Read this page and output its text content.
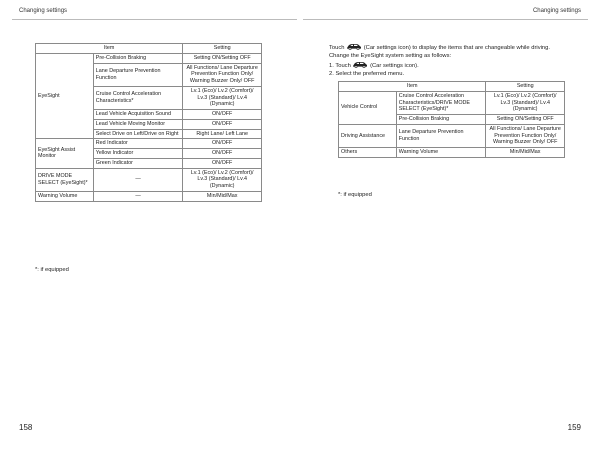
Changing settings
Item		Setting
EyeSight	Pre-Collision Braking	Setting ON/Setting OFF
	Lane Departure Prevention Function	All Functions/ Lane Departure Prevention Function Only/ Warning Buzzer Only/ OFF
	Cruise Control Acceleration Characteristics*	Lv.1 (Eco)/ Lv.2 (Comfort)/ Lv.3 (Standard)/ Lv.4 (Dynamic)
	Lead Vehicle Acquisition Sound	ON/OFF
	Lead Vehicle Moving Monitor	ON/OFF
	Select Drive on Left/Drive on Right	Right Lane/ Left Lane
EyeSight Assist Monitor	Red Indicator	ON/OFF
	Yellow Indicator	ON/OFF
	Green Indicator	ON/OFF
DRIVE MODE SELECT (EyeSight)*	—	Lv.1 (Eco)/ Lv.2 (Comfort)/ Lv.3 (Standard)/ Lv.4 (Dynamic)
Warning Volume	—	Min/Mid/Max
*: if equipped
158
Changing settings
Touch	(Car settings icon) to display the items that are changeable while driving.
Change the EyeSight system setting as follows:
1. Touch	(Car settings icon).
2. Select the preferred menu.
Item		Setting
Vehicle Control	Cruise Control Acceleration Characteristics/DRIVE MODE SELECT (EyeSight)*	Lv.1 (Eco)/ Lv.2 (Comfort)/ Lv.3 (Standard)/ Lv.4 (Dynamic)
	Pre-Collision Braking	Setting ON/Setting OFF
Driving Assistance	Lane Departure Prevention Function	All Functions/ Lane Departure Prevention Function Only/ Warning Buzzer Only/ OFF
Others	Warning Volume	Min/Mid/Max
*: if equipped
159
